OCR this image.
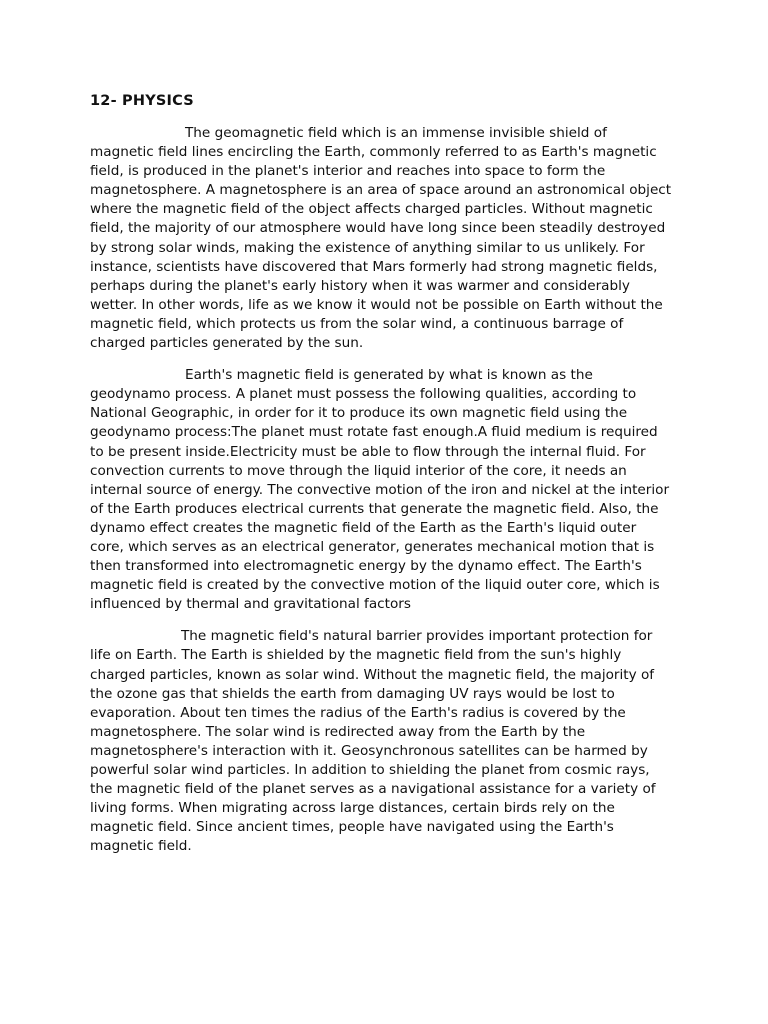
12- PHYSICS

The geomagnetic field which is an immense invisible shield of magnetic field lines encircling the Earth, commonly referred to as Earth's magnetic field, is produced in the planet's interior and reaches into space to form the magnetosphere. A magnetosphere is an area of space around an astronomical object where the magnetic field of the object affects charged particles. Without magnetic field, the majority of our atmosphere would have long since been steadily destroyed by strong solar winds, making the existence of anything similar to us unlikely. For instance, scientists have discovered that Mars formerly had strong magnetic fields, perhaps during the planet's early history when it was warmer and considerably wetter. In other words, life as we know it would not be possible on Earth without the magnetic field, which protects us from the solar wind, a continuous barrage of charged particles generated by the sun.

Earth's magnetic field is generated by what is known as the geodynamo process. A planet must possess the following qualities, according to National Geographic, in order for it to produce its own magnetic field using the geodynamo process:The planet must rotate fast enough.A fluid medium is required to be present inside.Electricity must be able to flow through the internal fluid. For convection currents to move through the liquid interior of the core, it needs an internal source of energy. The convective motion of the iron and nickel at the interior of the Earth produces electrical currents that generate the magnetic field. Also, the dynamo effect creates the magnetic field of the Earth as the Earth's liquid outer core, which serves as an electrical generator, generates mechanical motion that is then transformed into electromagnetic energy by the dynamo effect. The Earth's magnetic field is created by the convective motion of the liquid outer core, which is influenced by thermal and gravitational factors

The magnetic field's natural barrier provides important protection for life on Earth. The Earth is shielded by the magnetic field from the sun's highly charged particles, known as solar wind. Without the magnetic field, the majority of the ozone gas that shields the earth from damaging UV rays would be lost to evaporation. About ten times the radius of the Earth's radius is covered by the magnetosphere. The solar wind is redirected away from the Earth by the magnetosphere's interaction with it. Geosynchronous satellites can be harmed by powerful solar wind particles. In addition to shielding the planet from cosmic rays, the magnetic field of the planet serves as a navigational assistance for a variety of living forms. When migrating across large distances, certain birds rely on the magnetic field. Since ancient times, people have navigated using the Earth's magnetic field.
